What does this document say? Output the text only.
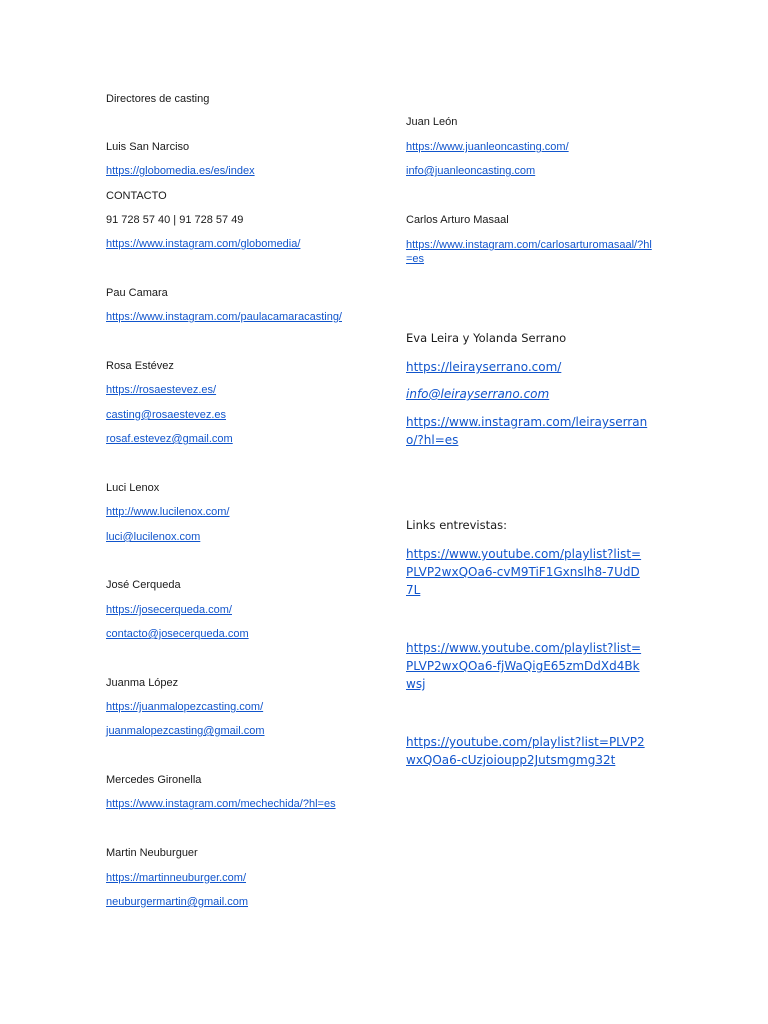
Directores de casting
Luis San Narciso
https://globomedia.es/es/index
CONTACTO
91 728 57 40 | 91 728 57 49
https://www.instagram.com/globomedia/
Pau Camara
https://www.instagram.com/paulacamaracasting/
Rosa Estévez
https://rosaestevez.es/
casting@rosaestevez.es
rosaf.estevez@gmail.com
Luci Lenox
http://www.lucilenox.com/
luci@lucilenox.com
José Cerqueda
https://josecerqueda.com/
contacto@josecerqueda.com
Juanma López
https://juanmalopezcasting.com/
juanmalopezcasting@gmail.com
Mercedes Gironella
https://www.instagram.com/mechechida/?hl=es
Martin Neuburguer
https://martinneuburger.com/
neuburgermartin@gmail.com
Juan León
https://www.juanleoncasting.com/
info@juanleoncasting.com
Carlos Arturo Masaal
https://www.instagram.com/carlosarturomasaal/?hl=es
Eva Leira y Yolanda Serrano
https://leirayserrano.com/
info@leirayserrano.com
https://www.instagram.com/leirayserrano/?hl=es
Links entrevistas:
https://www.youtube.com/playlist?list=PLVP2wxQOa6-cvM9TiF1Gxnslh8-7UdD7L
https://www.youtube.com/playlist?list=PLVP2wxQOa6-fjWaQigE65zmDdXd4Bkwsj
https://youtube.com/playlist?list=PLVP2wxQOa6-cUzjoioupp2Jutsmgmg32t
